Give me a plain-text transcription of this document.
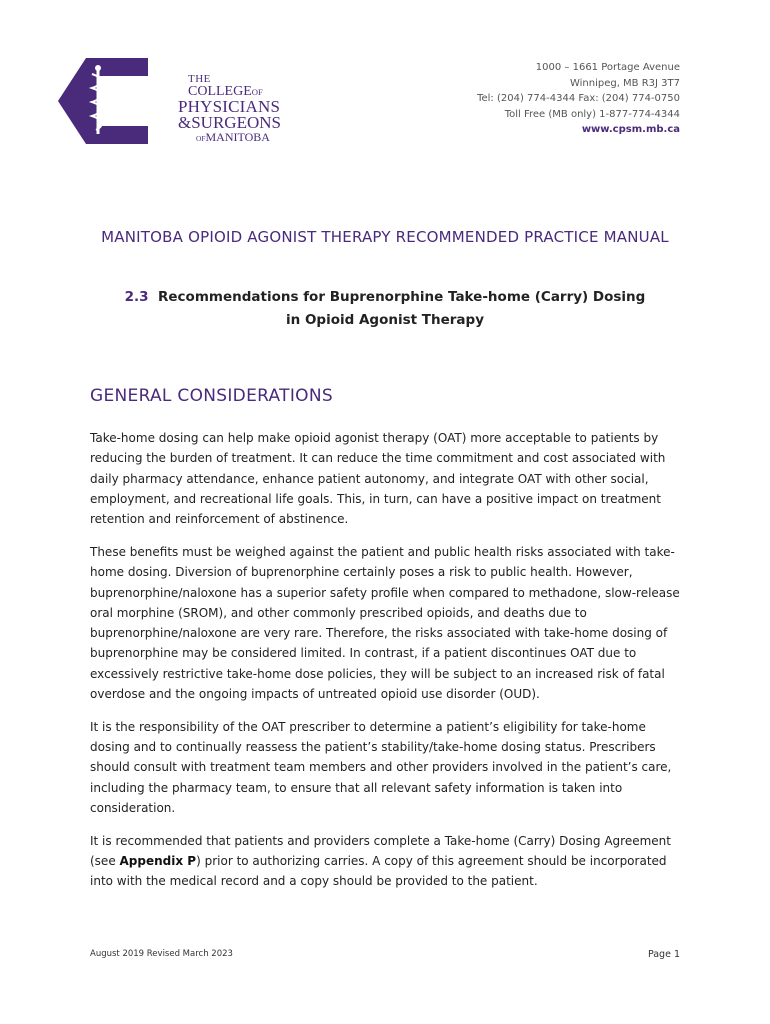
THE
COLLEGEOF
PHYSICIANS
&SURGEONS
OFMANITOBA
1000 – 1661 Portage Avenue
Winnipeg, MB R3J 3T7
Tel: (204) 774-4344 Fax: (204) 774-0750
Toll Free (MB only) 1-877-774-4344
www.cpsm.mb.ca
MANITOBA OPIOID AGONIST THERAPY RECOMMENDED PRACTICE MANUAL
2.3 Recommendations for Buprenorphine Take-home (Carry) Dosing
in Opioid Agonist Therapy
GENERAL CONSIDERATIONS

Take-home dosing can help make opioid agonist therapy (OAT) more acceptable to patients by reducing the burden of treatment. It can reduce the time commitment and cost associated with daily pharmacy attendance, enhance patient autonomy, and integrate OAT with other social, employment, and recreational life goals. This, in turn, can have a positive impact on treatment retention and reinforcement of abstinence.

These benefits must be weighed against the patient and public health risks associated with take-home dosing. Diversion of buprenorphine certainly poses a risk to public health. However, buprenorphine/naloxone has a superior safety profile when compared to methadone, slow-release oral morphine (SROM), and other commonly prescribed opioids, and deaths due to buprenorphine/naloxone are very rare. Therefore, the risks associated with take-home dosing of buprenorphine may be considered limited. In contrast, if a patient discontinues OAT due to excessively restrictive take-home dose policies, they will be subject to an increased risk of fatal overdose and the ongoing impacts of untreated opioid use disorder (OUD).

It is the responsibility of the OAT prescriber to determine a patient’s eligibility for take-home dosing and to continually reassess the patient’s stability/take-home dosing status. Prescribers should consult with treatment team members and other providers involved in the patient’s care, including the pharmacy team, to ensure that all relevant safety information is taken into consideration.

It is recommended that patients and providers complete a Take-home (Carry) Dosing Agreement (see Appendix P) prior to authorizing carries. A copy of this agreement should be incorporated into with the medical record and a copy should be provided to the patient.

August 2019 Revised March 2023	Page 1
